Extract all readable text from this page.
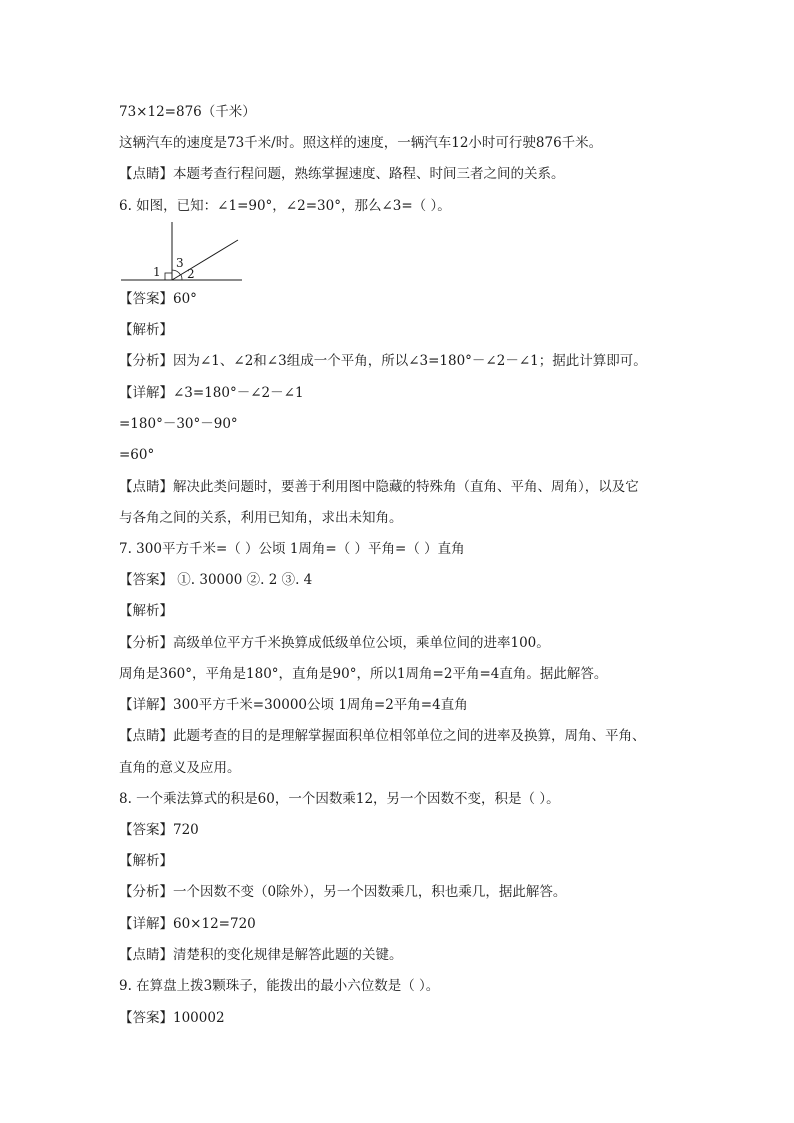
73×12=876（千米）
这辆汽车的速度是73千米/时。照这样的速度，一辆汽车12小时可行驶876千米。
【点睛】本题考查行程问题，熟练掌握速度、路程、时间三者之间的关系。
6. 如图，已知：∠1=90°，∠2=30°，那么∠3=（ ）。
1
3
2
【答案】60°
【解析】
【分析】因为∠1、∠2和∠3组成一个平角，所以∠3=180°－∠2－∠1；据此计算即可。
【详解】∠3=180°－∠2－∠1
=180°－30°－90°
=60°
【点睛】解决此类问题时，要善于利用图中隐藏的特殊角（直角、平角、周角），以及它
与各角之间的关系，利用已知角，求出未知角。
7. 300平方千米=（ ）公顷 1周角=（ ）平角=（ ）直角
【答案】 ①. 30000 ②. 2 ③. 4
【解析】
【分析】高级单位平方千米换算成低级单位公顷，乘单位间的进率100。
周角是360°，平角是180°，直角是90°，所以1周角=2平角=4直角。据此解答。
【详解】300平方千米=30000公顷 1周角=2平角=4直角
【点睛】此题考查的目的是理解掌握面积单位相邻单位之间的进率及换算，周角、平角、
直角的意义及应用。
8. 一个乘法算式的积是60，一个因数乘12，另一个因数不变，积是（ ）。
【答案】720
【解析】
【分析】一个因数不变（0除外），另一个因数乘几，积也乘几，据此解答。
【详解】60×12=720
【点睛】清楚积的变化规律是解答此题的关键。
9. 在算盘上拨3颗珠子，能拨出的最小六位数是（ ）。
【答案】100002
